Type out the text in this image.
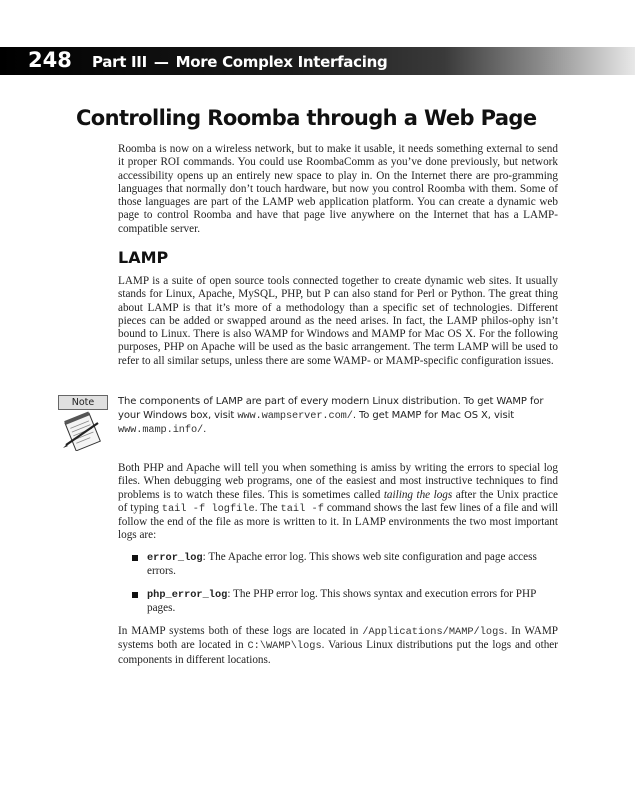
248 Part III — More Complex Interfacing
Controlling Roomba through a Web Page

Roomba is now on a wireless network, but to make it usable, it needs something external to send it proper ROI commands. You could use RoombaComm as you’ve done previously, but network accessibility opens up an entirely new space to play in. On the Internet there are pro-gramming languages that normally don’t touch hardware, but now you control Roomba with them. Some of those languages are part of the LAMP web application platform. You can create a dynamic web page to control Roomba and have that page live anywhere on the Internet that has a LAMP-compatible server.

LAMP

LAMP is a suite of open source tools connected together to create dynamic web sites. It usually stands for Linux, Apache, MySQL, PHP, but P can also stand for Perl or Python. The great thing about LAMP is that it’s more of a methodology than a specific set of technologies. Different pieces can be added or swapped around as the need arises. In fact, the LAMP philos-ophy isn’t bound to Linux. There is also WAMP for Windows and MAMP for Mac OS X. For the following purposes, PHP on Apache will be used as the basic arrangement. The term LAMP will be used to refer to all similar setups, unless there are some WAMP- or MAMP-specific configuration issues.

Note	The components of LAMP are part of every modern Linux distribution. To get WAMP for your Windows box, visit www.wampserver.com/. To get MAMP for Mac OS X, visit www.mamp.info/.

Both PHP and Apache will tell you when something is amiss by writing the errors to special log files. When debugging web programs, one of the easiest and most instructive techniques to find problems is to watch these files. This is sometimes called tailing the logs after the Unix practice of typing tail -f logfile. The tail -f command shows the last few lines of a file and will follow the end of the file as more is written to it. In LAMP environments the two most important logs are:

error_log: The Apache error log. This shows web site configuration and page access errors.
php_error_log: The PHP error log. This shows syntax and execution errors for PHP pages.

In MAMP systems both of these logs are located in /Applications/MAMP/logs. In WAMP systems both are located in C:\WAMP\logs. Various Linux distributions put the logs and other components in different locations.
